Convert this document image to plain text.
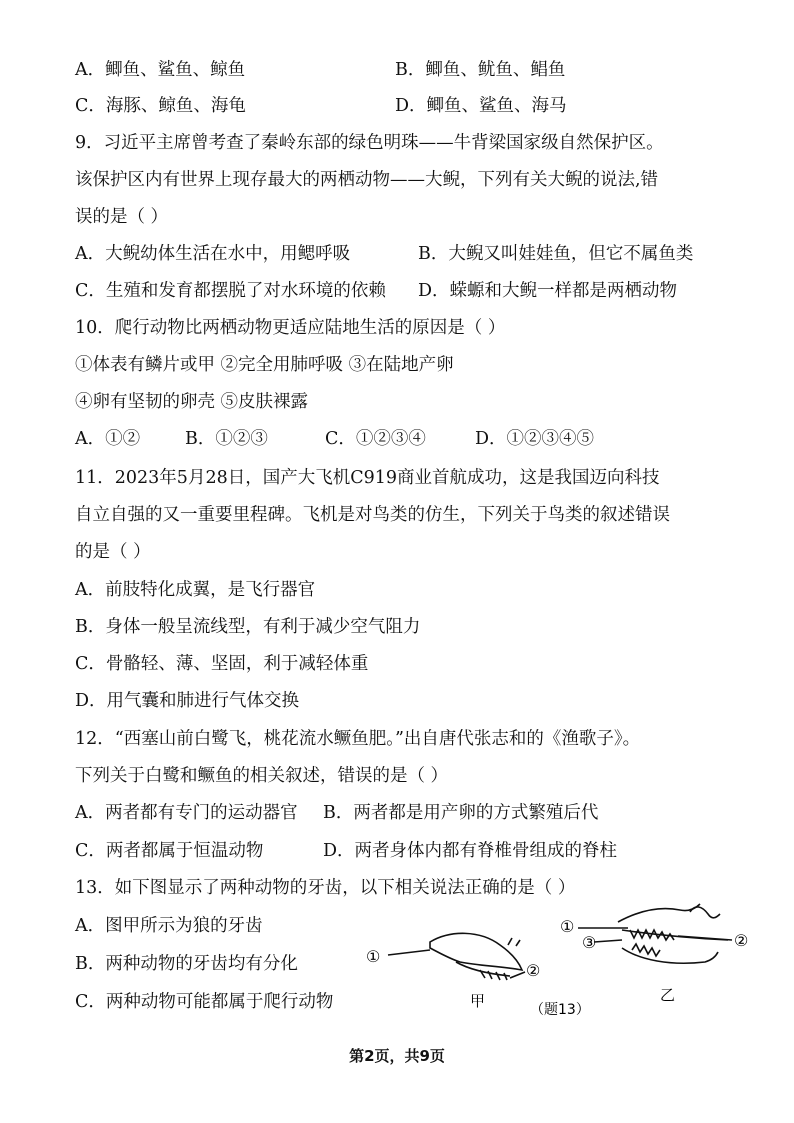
A．鲫鱼、鲨鱼、鲸鱼	B．鲫鱼、鱿鱼、鲳鱼
C．海豚、鲸鱼、海龟	D．鲫鱼、鲨鱼、海马
9．习近平主席曾考查了秦岭东部的绿色明珠——牛背梁国家级自然保护区。
该保护区内有世界上现存最大的两栖动物——大鲵，下列有关大鲵的说法,错
误的是（ ）
A．大鲵幼体生活在水中，用鳃呼吸	B．大鲵又叫娃娃鱼，但它不属鱼类
C．生殖和发育都摆脱了对水环境的依赖	D．蝾螈和大鲵一样都是两栖动物
10．爬行动物比两栖动物更适应陆地生活的原因是（ ）
①体表有鳞片或甲 ②完全用肺呼吸 ③在陆地产卵
④卵有坚韧的卵壳 ⑤皮肤裸露
A．①②	B．①②③	C．①②③④	D．①②③④⑤
11．2023年5月28日，国产大飞机C919商业首航成功，这是我国迈向科技
自立自强的又一重要里程碑。飞机是对鸟类的仿生，下列关于鸟类的叙述错误
的是（ ）
A．前肢特化成翼，是飞行器官
B．身体一般呈流线型，有利于减少空气阻力
C．骨骼轻、薄、坚固，利于减轻体重
D．用气囊和肺进行气体交换
12．“西塞山前白鹭飞，桃花流水鳜鱼肥。”出自唐代张志和的《渔歌子》。
下列关于白鹭和鳜鱼的相关叙述，错误的是（ ）
A．两者都有专门的运动器官	B．两者都是用产卵的方式繁殖后代
C．两者都属于恒温动物	D．两者身体内都有脊椎骨组成的脊柱
13．如下图显示了两种动物的牙齿，以下相关说法正确的是（ ）
A．图甲所示为狼的牙齿
B．两种动物的牙齿均有分化
C．两种动物可能都属于爬行动物
①
②
甲
①
③	②
乙
（题13）
第2页，共9页
